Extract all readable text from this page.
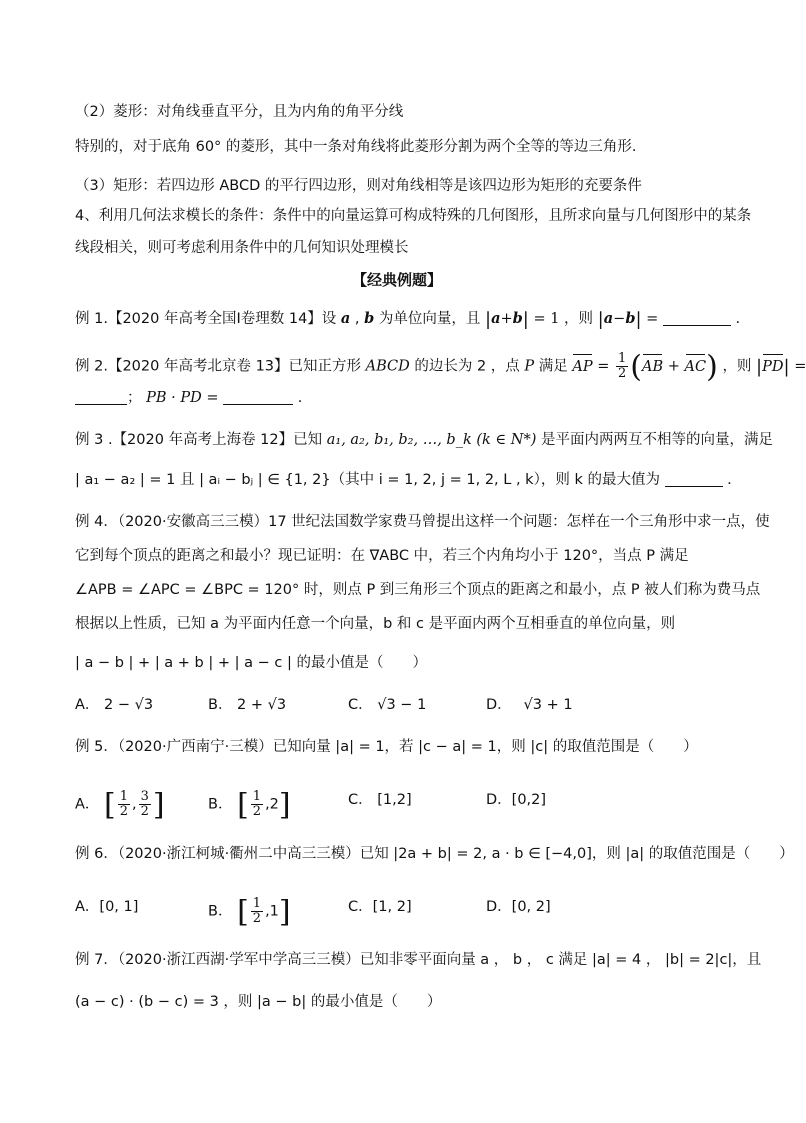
（2）菱形：对角线垂直平分，且为内角的角平分线
特别的，对于底角 60° 的菱形，其中一条对角线将此菱形分割为两个全等的等边三角形.
（3）矩形：若四边形 ABCD 的平行四边形，则对角线相等是该四边形为矩形的充要条件
4、利用几何法求模长的条件：条件中的向量运算可构成特殊的几何图形，且所求向量与几何图形中的某条
线段相关，则可考虑利用条件中的几何知识处理模长
【经典例题】
例 1.【2020 年高考全国Ⅰ卷理数 14】设 a , b 为单位向量，且 |a+b| = 1 ，则 |a−b| =	.
例 2.【2020 年高考北京卷 13】已知正方形 ABCD 的边长为 2 ，点 P 满足 AP = $\frac{1}{2} (AB + AC)$ ，则 |PD| =
； PB · PD =	.
例 3 .【2020 年高考上海卷 12】已知 a₁, a₂, b₁, b₂, …, b_k (k ∈ N*) 是平面内两两互不相等的向量，满足
| a₁ − a₂ | = 1 且 | aᵢ − bⱼ | ∈ {1, 2}（其中 i = 1, 2, j = 1, 2, L , k），则 k 的最大值为	.
例 4．（2020·安徽高三三模）17 世纪法国数学家费马曾提出这样一个问题：怎样在一个三角形中求一点，使
它到每个顶点的距离之和最小？现已证明：在 ∇ABC 中，若三个内角均小于 120°，当点 P 满足
∠APB = ∠APC = ∠BPC = 120° 时，则点 P 到三角形三个顶点的距离之和最小，点 P 被人们称为费马点
根据以上性质，已知 a 为平面内任意一个向量，b 和 c 是平面内两个互相垂直的单位向量，则
| a − b | + | a + b | + | a − c | 的最小值是（　　）
A． 2 − √3	B． 2 + √3	C． √3 − 1	D．　 √3 + 1
例 5．（2020·广西南宁·三模）已知向量 |a| = 1，若 |c − a| = 1，则 |c| 的取值范围是（　　）
A． [ $\frac{1}{2}$ , $\frac{3}{2}$ ]	B． [ $\frac{1}{2} ,2$]	C． [1,2]	D．[0,2]
例 6．（2020·浙江柯城·衢州二中高三三模）已知 |2a + b| = 2, a · b ∈ [−4,0]，则 |a| 的取值范围是（　　）
A．[0, 1]	B． [ $\frac{1}{2} ,1$]	C．[1, 2]	D．[0, 2]
例 7．（2020·浙江西湖·学军中学高三三模）已知非零平面向量 a ， b ， c 满足 |a| = 4 ， |b| = 2|c|，且
(a − c) · (b − c) = 3 ，则 |a − b| 的最小值是（　　）
